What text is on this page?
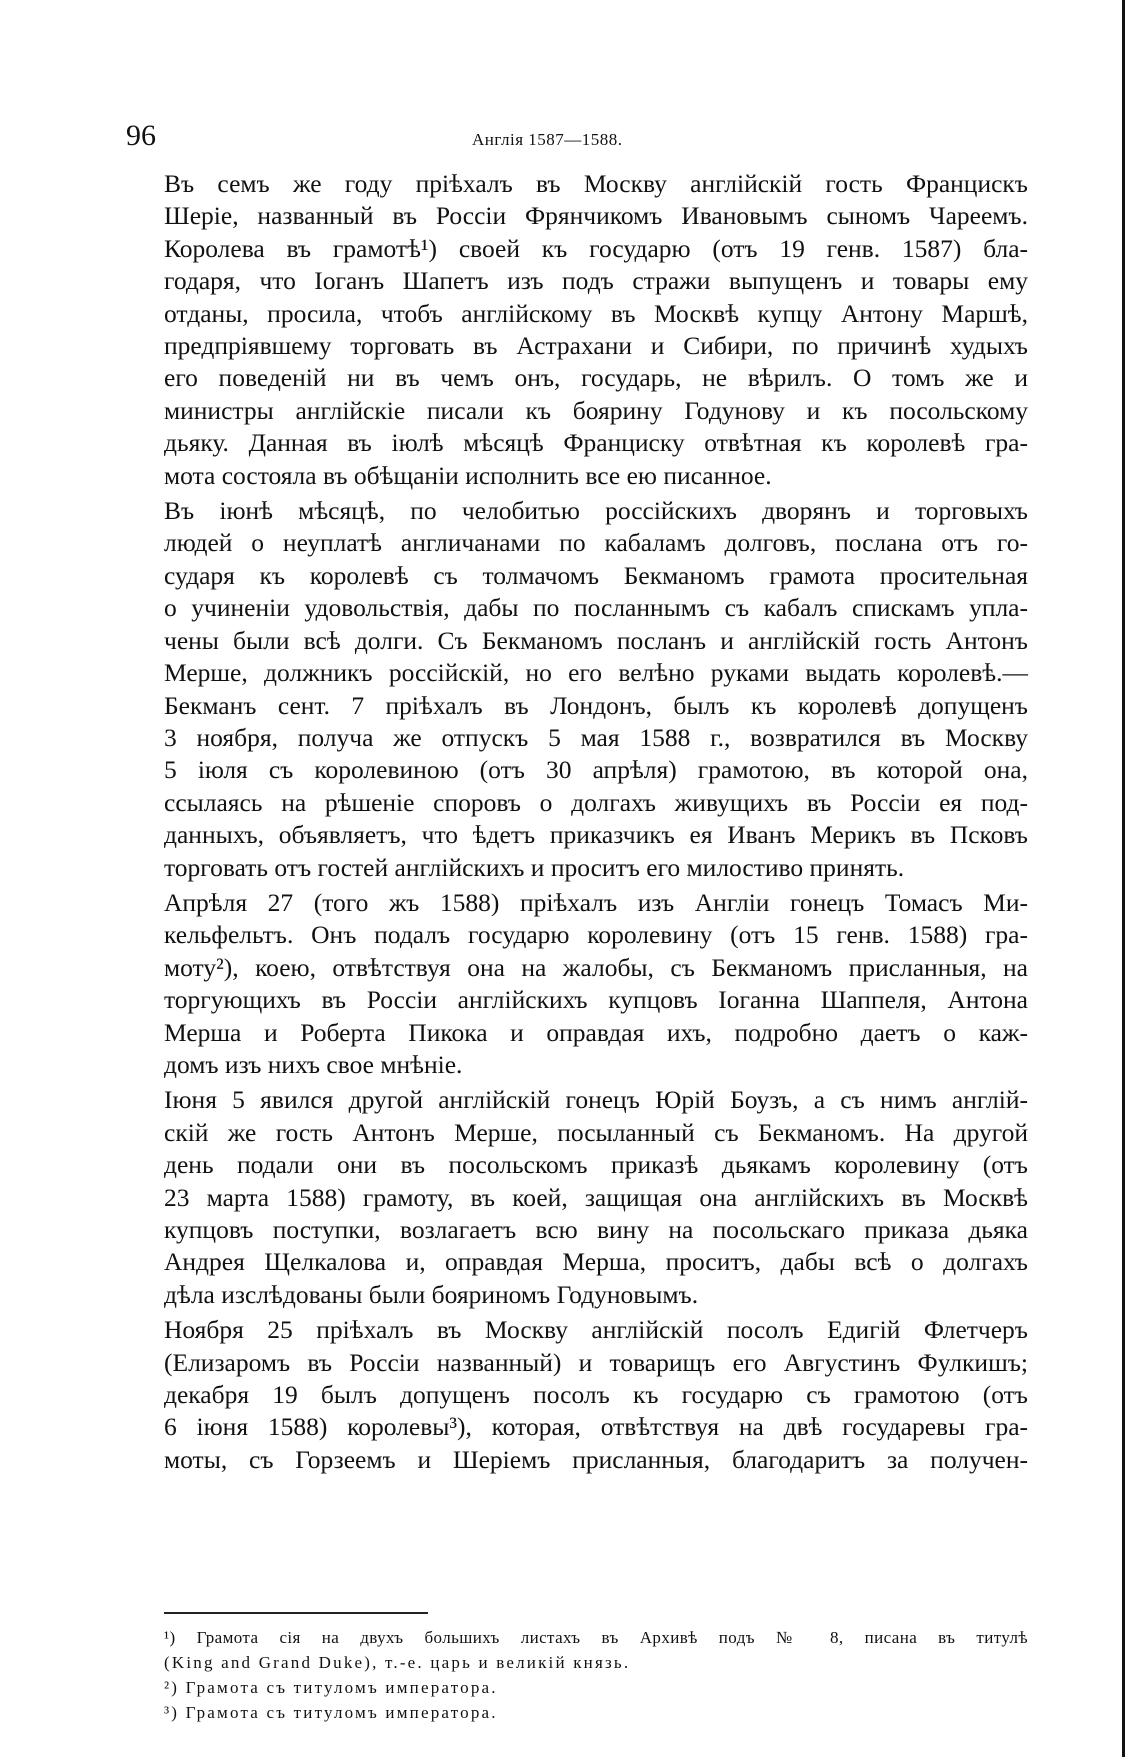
96	Англія 1587—1588.
Въ семъ же году пріѣхалъ въ Москву англійскій гость Францискъ
Шеріе, названный въ Россіи Фрянчикомъ Ивановымъ сыномъ Чареемъ.
Королева въ грамотѣ¹) своей къ государю (отъ 19 генв. 1587) бла-
годаря, что Іоганъ Шапетъ изъ подъ стражи выпущенъ и товары ему
отданы, просила, чтобъ англійскому въ Москвѣ купцу Антону Маршѣ,
предпріявшему торговать въ Астрахани и Сибири, по причинѣ худыхъ
его поведеній ни въ чемъ онъ, государь, не вѣрилъ. О томъ же и
министры англійскіе писали къ боярину Годунову и къ посольскому
дьяку. Данная въ іюлѣ мѣсяцѣ Франциску отвѣтная къ королевѣ гра-
мота состояла въ обѣщаніи исполнить все ею писанное.
Въ іюнѣ мѣсяцѣ, по челобитью россійскихъ дворянъ и торговыхъ
людей о неуплатѣ англичанами по кабаламъ долговъ, послана отъ го-
сударя къ королевѣ съ толмачомъ Бекманомъ грамота просительная
о учиненіи удовольствія, дабы по посланнымъ съ кабалъ спискамъ упла-
чены были всѣ долги. Съ Бекманомъ посланъ и англійскій гость Антонъ
Мерше, должникъ россійскій, но его велѣно руками выдать королевѣ.—
Бекманъ сент. 7 пріѣхалъ въ Лондонъ, былъ къ королевѣ допущенъ
3 ноября, получа же отпускъ 5 мая 1588 г., возвратился въ Москву
5 іюля съ королевиною (отъ 30 апрѣля) грамотою, въ которой она,
ссылаясь на рѣшеніе споровъ о долгахъ живущихъ въ Россіи ея под-
данныхъ, объявляетъ, что ѣдетъ приказчикъ ея Иванъ Мерикъ въ Псковъ
торговать отъ гостей англійскихъ и проситъ его милостиво принять.
Апрѣля 27 (того жъ 1588) пріѣхалъ изъ Англіи гонецъ Томасъ Ми-
кельфельтъ. Онъ подалъ государю королевину (отъ 15 генв. 1588) гра-
моту²), коею, отвѣтствуя она на жалобы, съ Бекманомъ присланныя, на
торгующихъ въ Россіи англійскихъ купцовъ Іоганна Шаппеля, Антона
Мерша и Роберта Пикока и оправдая ихъ, подробно даетъ о каж-
домъ изъ нихъ свое мнѣніе.
Іюня 5 явился другой англійскій гонецъ Юрій Боузъ, а съ нимъ англій-
скій же гость Антонъ Мерше, посыланный съ Бекманомъ. На другой
день подали они въ посольскомъ приказѣ дьякамъ королевину (отъ
23 марта 1588) грамоту, въ коей, защищая она англійскихъ въ Москвѣ
купцовъ поступки, возлагаетъ всю вину на посольскаго приказа дьяка
Андрея Щелкалова и, оправдая Мерша, проситъ, дабы всѣ о долгахъ
дѣла изслѣдованы были бояриномъ Годуновымъ.
Ноября 25 пріѣхалъ въ Москву англійскій посолъ Едигій Флетчеръ
(Елизаромъ въ Россіи названный) и товарищъ его Августинъ Фулкишъ;
декабря 19 былъ допущенъ посолъ къ государю съ грамотою (отъ
6 іюня 1588) королевы³), которая, отвѣтствуя на двѣ государевы гра-
моты, съ Горзеемъ и Шеріемъ присланныя, благодаритъ за получен-
¹) Грамота сія на двухъ большихъ листахъ въ Архивѣ подъ № 8, писана въ титулѣ
(King and Grand Duke), т.-е. царь и великій князь.
²) Грамота съ титуломъ императора.
³) Грамота съ титуломъ императора.
